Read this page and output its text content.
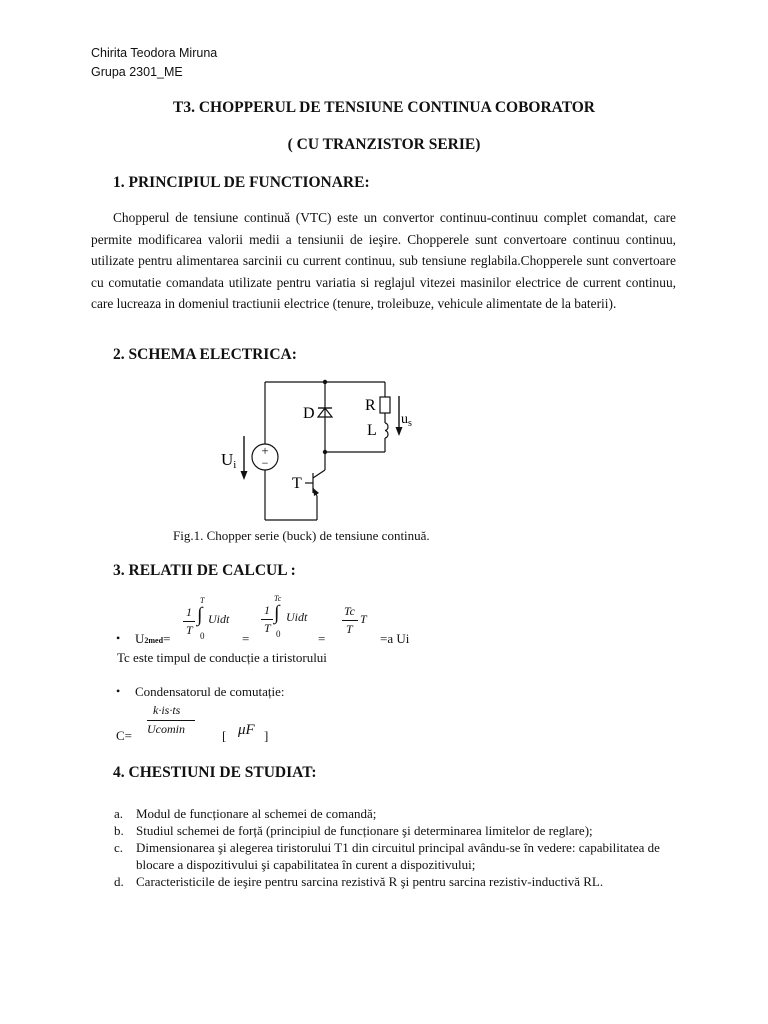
Chirita Teodora Miruna
Grupa 2301_ME
T3. CHOPPERUL DE TENSIUNE CONTINUA COBORATOR
( CU TRANZISTOR SERIE)
1. PRINCIPIUL DE FUNCTIONARE:

Chopperul de tensiune continuă (VTC) este un convertor continuu-continuu complet comandat, care permite modificarea valorii medii a tensiunii de ieşire. Chopperele sunt convertoare continuu continuu, utilizate pentru alimentarea sarcinii cu current continuu, sub tensiune reglabila.Chopperele sunt convertoare cu comutatie comandata utilizate pentru variatia si reglajul vitezei masinilor electrice de current continuu, care lucreaza in domeniul tractiunii electrice (tenure, troleibuze, vehicule alimentate de la baterii).

2. SCHEMA ELECTRICA:
D	R
L
$u_s$
+
−
Ui
T
Fig.1. Chopper serie (buck) de tensiune continuă.
3. RELATII DE CALCUL :
• U2med=
1
T
T
∫
0
Uidt
=
1
T
Tc
∫
0
Uidt
=
Tc
T
T
=a Ui
Tc este timpul de conducție a tiristorului
• Condensatorul de comutație:
k·is·ts
C= Ucomin	[ μF ]
4. CHESTIUNI DE STUDIAT:
a. Modul de funcționare al schemei de comandă;
b. Studiul schemei de forță (principiul de funcționare şi determinarea limitelor de reglare);
c. Dimensionarea şi alegerea tiristorului T1 din circuitul principal avându-se în vedere: capabilitatea de blocare a dispozitivului şi capabilitatea în curent a dispozitivului;
d. Caracteristicile de ieşire pentru sarcina rezistivă R şi pentru sarcina rezistiv-inductivă RL.
